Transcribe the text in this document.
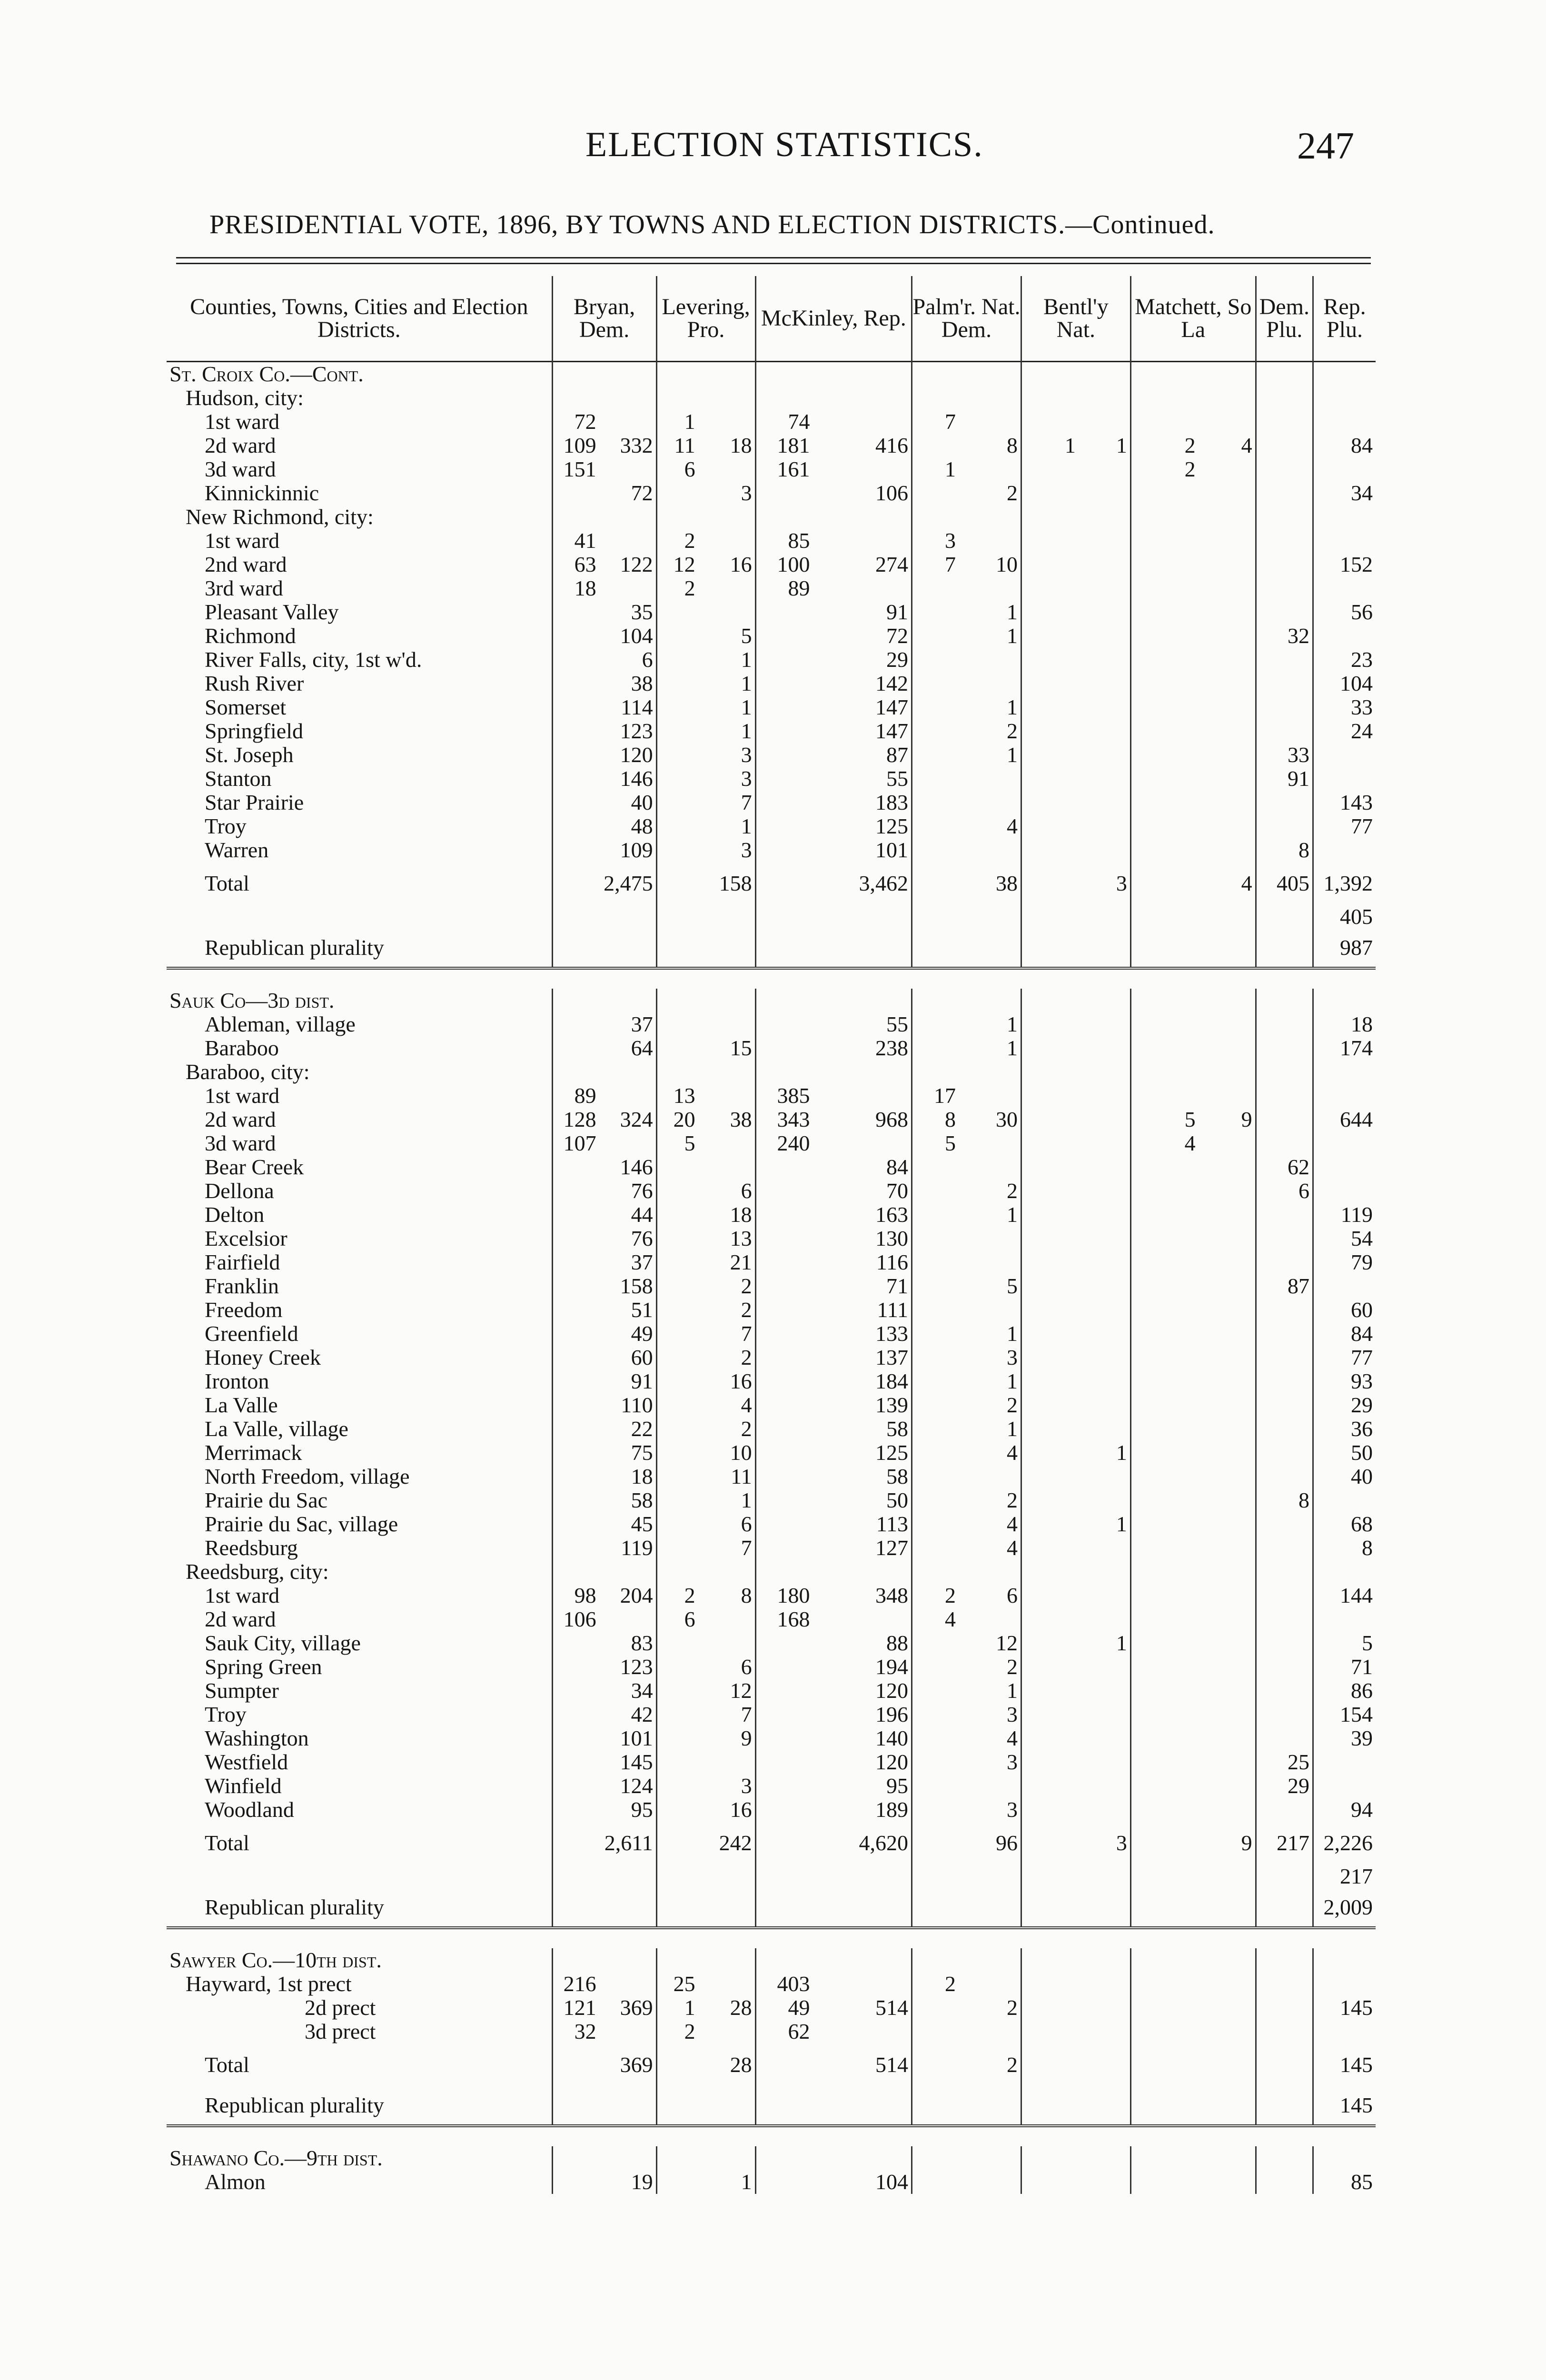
ELECTION STATISTICS.	247
PRESIDENTIAL VOTE, 1896, BY TOWNS AND ELECTION DISTRICTS.—Continued.
Counties, Towns, Cities and Election Districts.	Bryan, Dem.		Levering, Pro.		McKinley, Rep.		Palm'r. Nat. Dem.		Bentl'y Nat.		Matchett, So La		Dem. Plu.	Rep. Plu.
St. Croix Co.—Cont.														
Hudson, city:														
1st ward	72		1		74		7							
2d ward	109	332	11	18	181	416		8	1	1	2	4		84
3d ward	151		6		161		1				2			
Kinnickinnic		72		3		106		2						34
New Richmond, city:														
1st ward	41		2		85		3							
2nd ward	63	122	12	16	100	274	7	10						152
3rd ward	18		2		89									
Pleasant Valley		35				91		1						56
Richmond		104		5		72		1					32	
River Falls, city, 1st w'd.		6		1		29								23
Rush River		38		1		142								104
Somerset		114		1		147		1						33
Springfield		123		1		147		2						24
St. Joseph		120		3		87		1					33	
Stanton		146		3		55							91	
Star Prairie		40		7		183								143
Troy		48		1		125		4						77
Warren		109		3		101							8	
Total		2,475		158		3,462		38		3		4	405	1,392
														405
Republican plurality														987

Sauk Co—3d dist.														
Ableman, village		37				55		1						18
Baraboo		64		15		238		1						174
Baraboo, city:														
1st ward	89		13		385		17							
2d ward	128	324	20	38	343	968	8	30			5	9		644
3d ward	107		5		240		5				4			
Bear Creek		146				84							62	
Dellona		76		6		70		2					6	
Delton		44		18		163		1						119
Excelsior		76		13		130								54
Fairfield		37		21		116								79
Franklin		158		2		71		5					87	
Freedom		51		2		111								60
Greenfield		49		7		133		1						84
Honey Creek		60		2		137		3						77
Ironton		91		16		184		1						93
La Valle		110		4		139		2						29
La Valle, village		22		2		58		1						36
Merrimack		75		10		125		4		1				50
North Freedom, village		18		11		58								40
Prairie du Sac		58		1		50		2					8	
Prairie du Sac, village		45		6		113		4		1				68
Reedsburg		119		7		127		4						8
Reedsburg, city:														
1st ward	98	204	2	8	180	348	2	6						144
2d ward	106		6		168		4							
Sauk City, village		83				88		12		1				5
Spring Green		123		6		194		2						71
Sumpter		34		12		120		1						86
Troy		42		7		196		3						154
Washington		101		9		140		4						39
Westfield		145				120		3					25	
Winfield		124		3		95							29	
Woodland		95		16		189		3						94
Total		2,611		242		4,620		96		3		9	217	2,226
														217
Republican plurality														2,009

Sawyer Co.—10th dist.														
Hayward, 1st prect	216		25		403		2							
2d prect	121	369	1	28	49	514		2						145
3d prect	32		2		62									
Total		369		28		514		2						145
Republican plurality														145

Shawano Co.—9th dist.														
Almon		19		1		104								85
